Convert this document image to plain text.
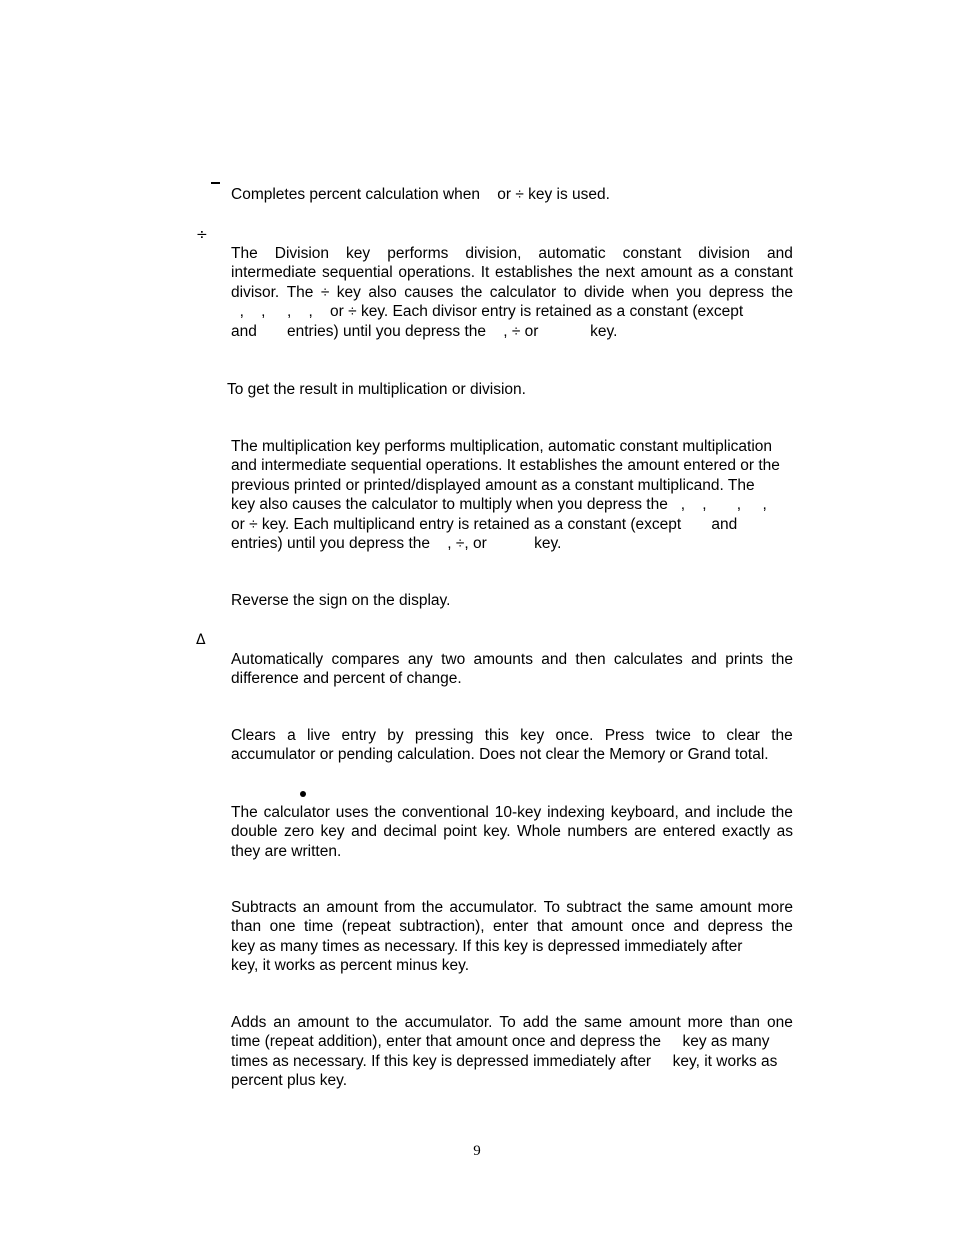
Completes percent calculation when    or ÷ key is used.

÷
The Division key performs division, automatic constant division and
intermediate sequential operations. It establishes the next amount as a constant
divisor. The ÷ key also causes the calculator to divide when you depress the
,    ,     ,    ,    or ÷ key. Each divisor entry is retained as a constant (except
and       entries) until you depress the    , ÷ or            key.

To get the result in multiplication or division.

The multiplication key performs multiplication, automatic constant multiplication
and intermediate sequential operations. It establishes the amount entered or the
previous printed or printed/displayed amount as a constant multiplicand. The
key also causes the calculator to multiply when you depress the   ,    ,       ,     ,
or ÷ key. Each multiplicand entry is retained as a constant (except       and
entries) until you depress the    , ÷, or           key.

Reverse the sign on the display.

Δ
Automatically compares any two amounts and then calculates and prints the
difference and percent of change.
Clears a live entry by pressing this key once. Press twice to clear the
accumulator or pending calculation. Does not clear the Memory or Grand total.
The calculator uses the conventional 10-key indexing keyboard, and include the
double zero key and decimal point key. Whole numbers are entered exactly as
they are written.
Subtracts an amount from the accumulator. To subtract the same amount more
than one time (repeat subtraction), enter that amount once and depress the
key as many times as necessary. If this key is depressed immediately after
key, it works as percent minus key.
Adds an amount to the accumulator. To add the same amount more than one
time (repeat addition), enter that amount once and depress the     key as many
times as necessary. If this key is depressed immediately after     key, it works as
percent plus key.
9
